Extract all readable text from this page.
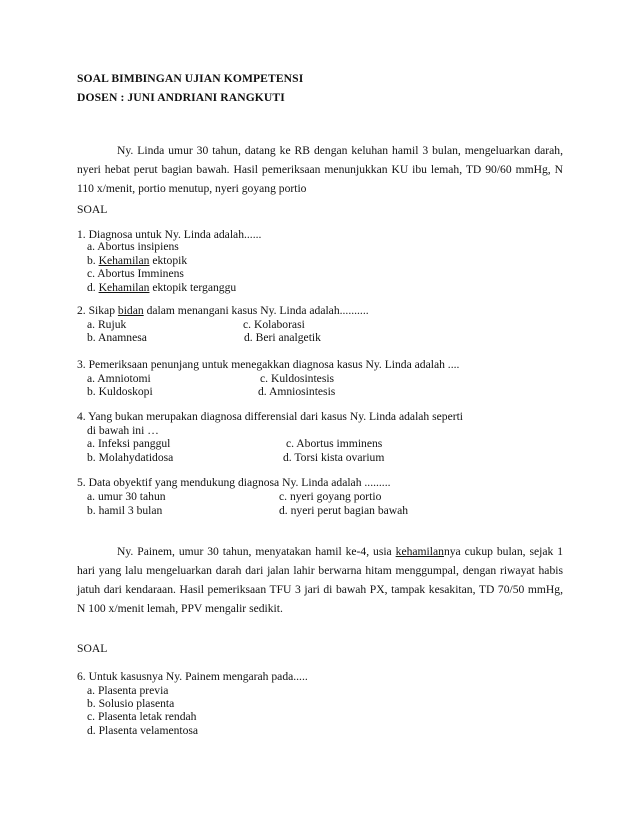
SOAL BIMBINGAN UJIAN KOMPETENSI
DOSEN : JUNI ANDRIANI RANGKUTI
Ny. Linda umur 30 tahun, datang ke RB dengan keluhan hamil 3 bulan, mengeluarkan darah, nyeri hebat perut bagian bawah. Hasil pemeriksaan menunjukkan KU ibu lemah, TD 90/60 mmHg, N 110 x/menit, portio menutup, nyeri goyang portio
SOAL
1. Diagnosa untuk Ny. Linda adalah......
a. Abortus insipiens
b. Kehamilan ektopik
c. Abortus Imminens
d. Kehamilan ektopik terganggu
2. Sikap bidan dalam menangani kasus Ny. Linda adalah..........
a. Rujuk	c. Kolaborasi
b. Anamnesa	d. Beri analgetik
3. Pemeriksaan penunjang untuk menegakkan diagnosa kasus Ny. Linda adalah ....
a. Amniotomi	c. Kuldosintesis
b. Kuldoskopi	d. Amniosintesis
4. Yang bukan merupakan diagnosa differensial dari kasus Ny. Linda adalah seperti
di bawah ini …
a. Infeksi panggul	c. Abortus imminens
b. Molahydatidosa	d. Torsi kista ovarium
5. Data obyektif yang mendukung diagnosa Ny. Linda adalah .........
a. umur 30 tahun	c. nyeri goyang portio
b. hamil 3 bulan	d. nyeri perut bagian bawah
Ny. Painem, umur 30 tahun, menyatakan hamil ke-4, usia kehamilannya cukup bulan, sejak 1 hari yang lalu mengeluarkan darah dari jalan lahir berwarna hitam menggumpal, dengan riwayat habis jatuh dari kendaraan. Hasil pemeriksaan TFU 3 jari di bawah PX, tampak kesakitan, TD 70/50 mmHg, N 100 x/menit lemah, PPV mengalir sedikit.
SOAL
6. Untuk kasusnya Ny. Painem mengarah pada.....
a. Plasenta previa
b. Solusio plasenta
c. Plasenta letak rendah
d. Plasenta velamentosa
